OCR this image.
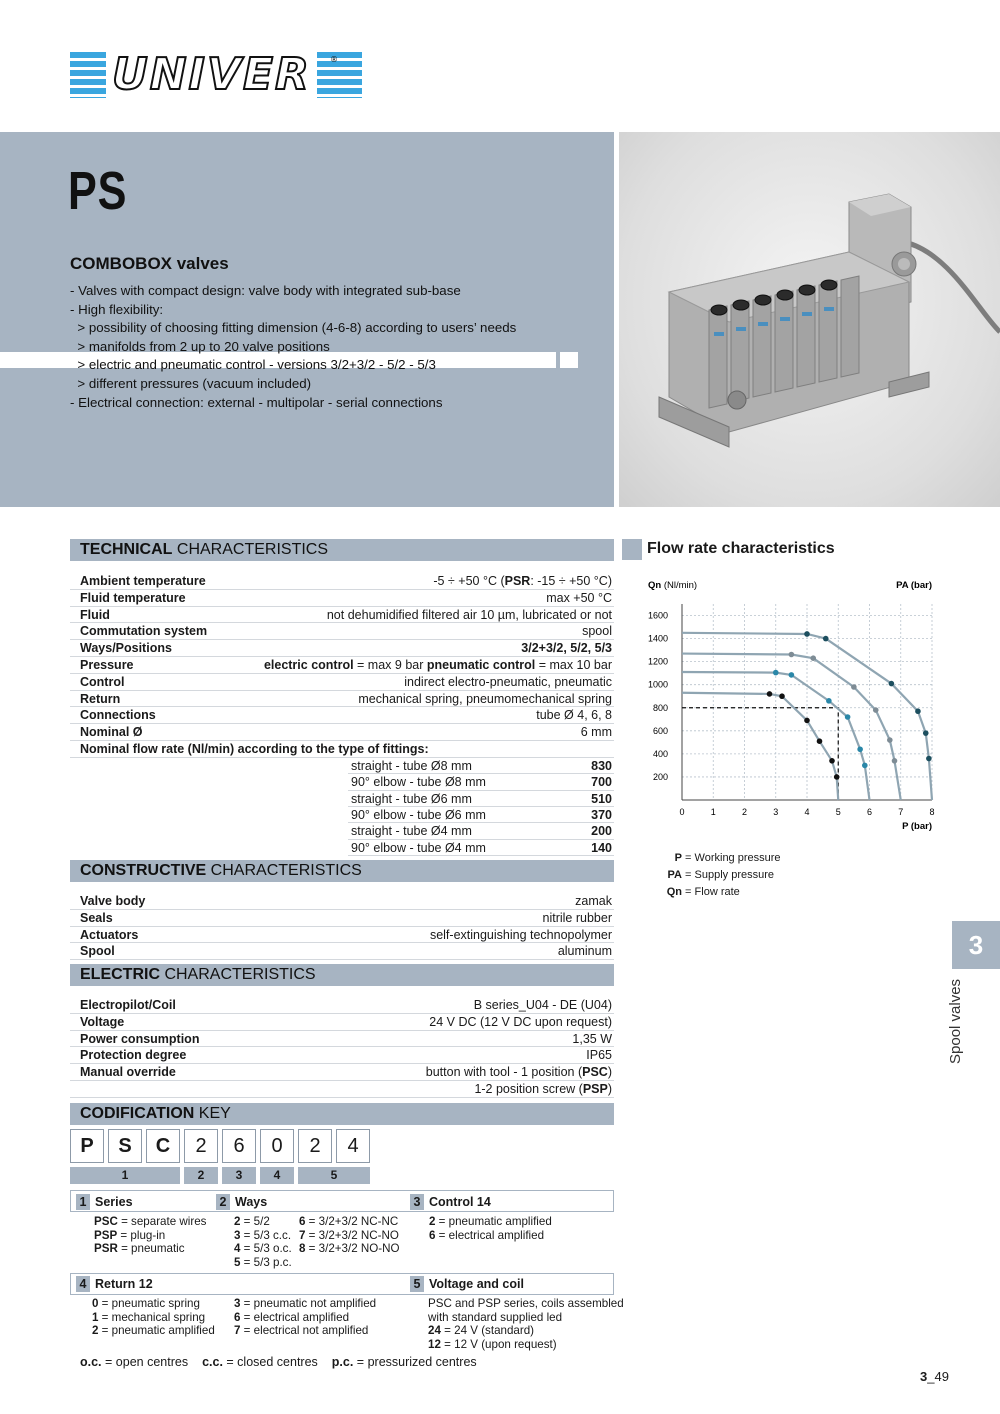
UNIVER	®
PS
COMBOBOX valves
- Valves with compact design: valve body with integrated sub-base
- High flexibility:
> possibility of choosing fitting dimension (4-6-8) according to users’ needs
> manifolds from 2 up to 20 valve positions
> electric and pneumatic control - versions 3/2+3/2 - 5/2 - 5/3
> different pressures (vacuum included)
- Electrical connection: external - multipolar - serial connections
TECHNICAL CHARACTERISTICS
Ambient temperature	-5 ÷ +50 °C (PSR: -15 ÷ +50 °C)
Fluid temperature	max +50 °C
Fluid	not dehumidified filtered air 10 µm, lubricated or not
Commutation system	spool
Ways/Positions	3/2+3/2, 5/2, 5/3
Pressure	electric control = max 9 bar pneumatic control = max 10 bar
Control	indirect electro-pneumatic, pneumatic
Return	mechanical spring, pneumomechanical spring
Connections	tube Ø 4, 6, 8
Nominal Ø	6 mm
Nominal flow rate (Nl/min) according to the type of fittings:
straight - tube Ø8 mm	830
90° elbow - tube Ø8 mm	700
straight - tube Ø6 mm	510
90° elbow - tube Ø6 mm	370
straight - tube Ø4 mm	200
90° elbow - tube Ø4 mm	140
CONSTRUCTIVE CHARACTERISTICS
Valve body	zamak
Seals	nitrile rubber
Actuators	self-extinguishing technopolymer
Spool	aluminum
ELECTRIC CHARACTERISTICS
Electropilot/Coil	B series_U04 - DE (U04)
Voltage	24 V DC (12 V DC upon request)
Power consumption	1,35 W
Protection degree	IP65
Manual override	button with tool - 1 position (PSC)
1-2 position screw (PSP)
Flow rate characteristics
0	1	2	3	4	5	6	7	8
200
400
600
800
1000
1200
1400
1600
Qn (Nl/min)	PA (bar)
P (bar)
P = Working pressure
PA = Supply pressure
Qn = Flow rate
3
Spool valves
CODIFICATION KEY
P	S	C	2	6	0	2	4
1	2	3	4	5
1 Series	2 Ways	3 Control 14
PSC = separate wires
PSP = plug-in
PSR = pneumatic
2 = 5/2
3 = 5/3 c.c.
4 = 5/3 o.c.
5 = 5/3 p.c.
6 = 3/2+3/2 NC-NC
7 = 3/2+3/2 NC-NO
8 = 3/2+3/2 NO-NO
2 = pneumatic amplified
6 = electrical amplified
4 Return 12	5 Voltage and coil
0 = pneumatic spring
1 = mechanical spring
2 = pneumatic amplified
3 = pneumatic not amplified
6 = electrical amplified
7 = electrical not amplified
PSC and PSP series, coils assembled
with standard supplied led
24 = 24 V (standard)
12 = 12 V (upon request)
o.c. = open centres c.c. = closed centres p.c. = pressurized centres
3_49
